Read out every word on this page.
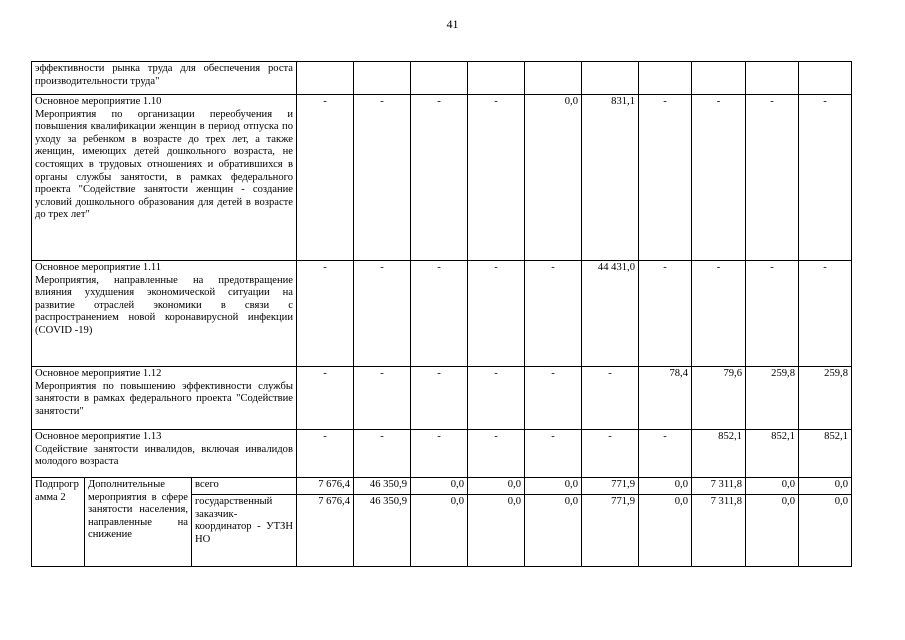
41
эффективности рынка труда для обеспечения роста производительности труда"												

Основное мероприятие 1.10
Мероприятия по организации переобучения и повышения квалификации женщин в период отпуска по уходу за ребенком в возрасте до трех лет, а также женщин, имеющих детей дошкольного возраста, не состоящих в трудовых отношениях и обратившихся в органы службы занятости, в рамках федерального проекта "Содействие занятости женщин - создание условий дошкольного образования для детей в возрасте до трех лет"			-	-	-	-	0,0	831,1	-	-	-	-

Основное мероприятие 1.11
Мероприятия, направленные на предотвращение влияния ухудшения экономической ситуации на развитие отраслей экономики в связи с распространением новой коронавирусной инфекции (COVID -19)			-	-	-	-	-	44 431,0	-	-	-	-

Основное мероприятие 1.12
Мероприятия по повышению эффективности службы занятости в рамках федерального проекта "Содействие занятости"			-	-	-	-	-	-	78,4	79,6	259,8	259,8

Основное мероприятие 1.13
Содействие занятости инвалидов, включая инвалидов молодого возраста			-	-	-	-	-	-	-	852,1	852,1	852,1
Подпрограмма 2	Дополнительные мероприятия в сфере занятости населения, направленные на снижение	всего	7 676,4	46 350,9	0,0	0,0	0,0	771,9	0,0	7 311,8	0,0	0,0
		государственный заказчик-координатор - УТЗН НО	7 676,4	46 350,9	0,0	0,0	0,0	771,9	0,0	7 311,8	0,0	0,0
